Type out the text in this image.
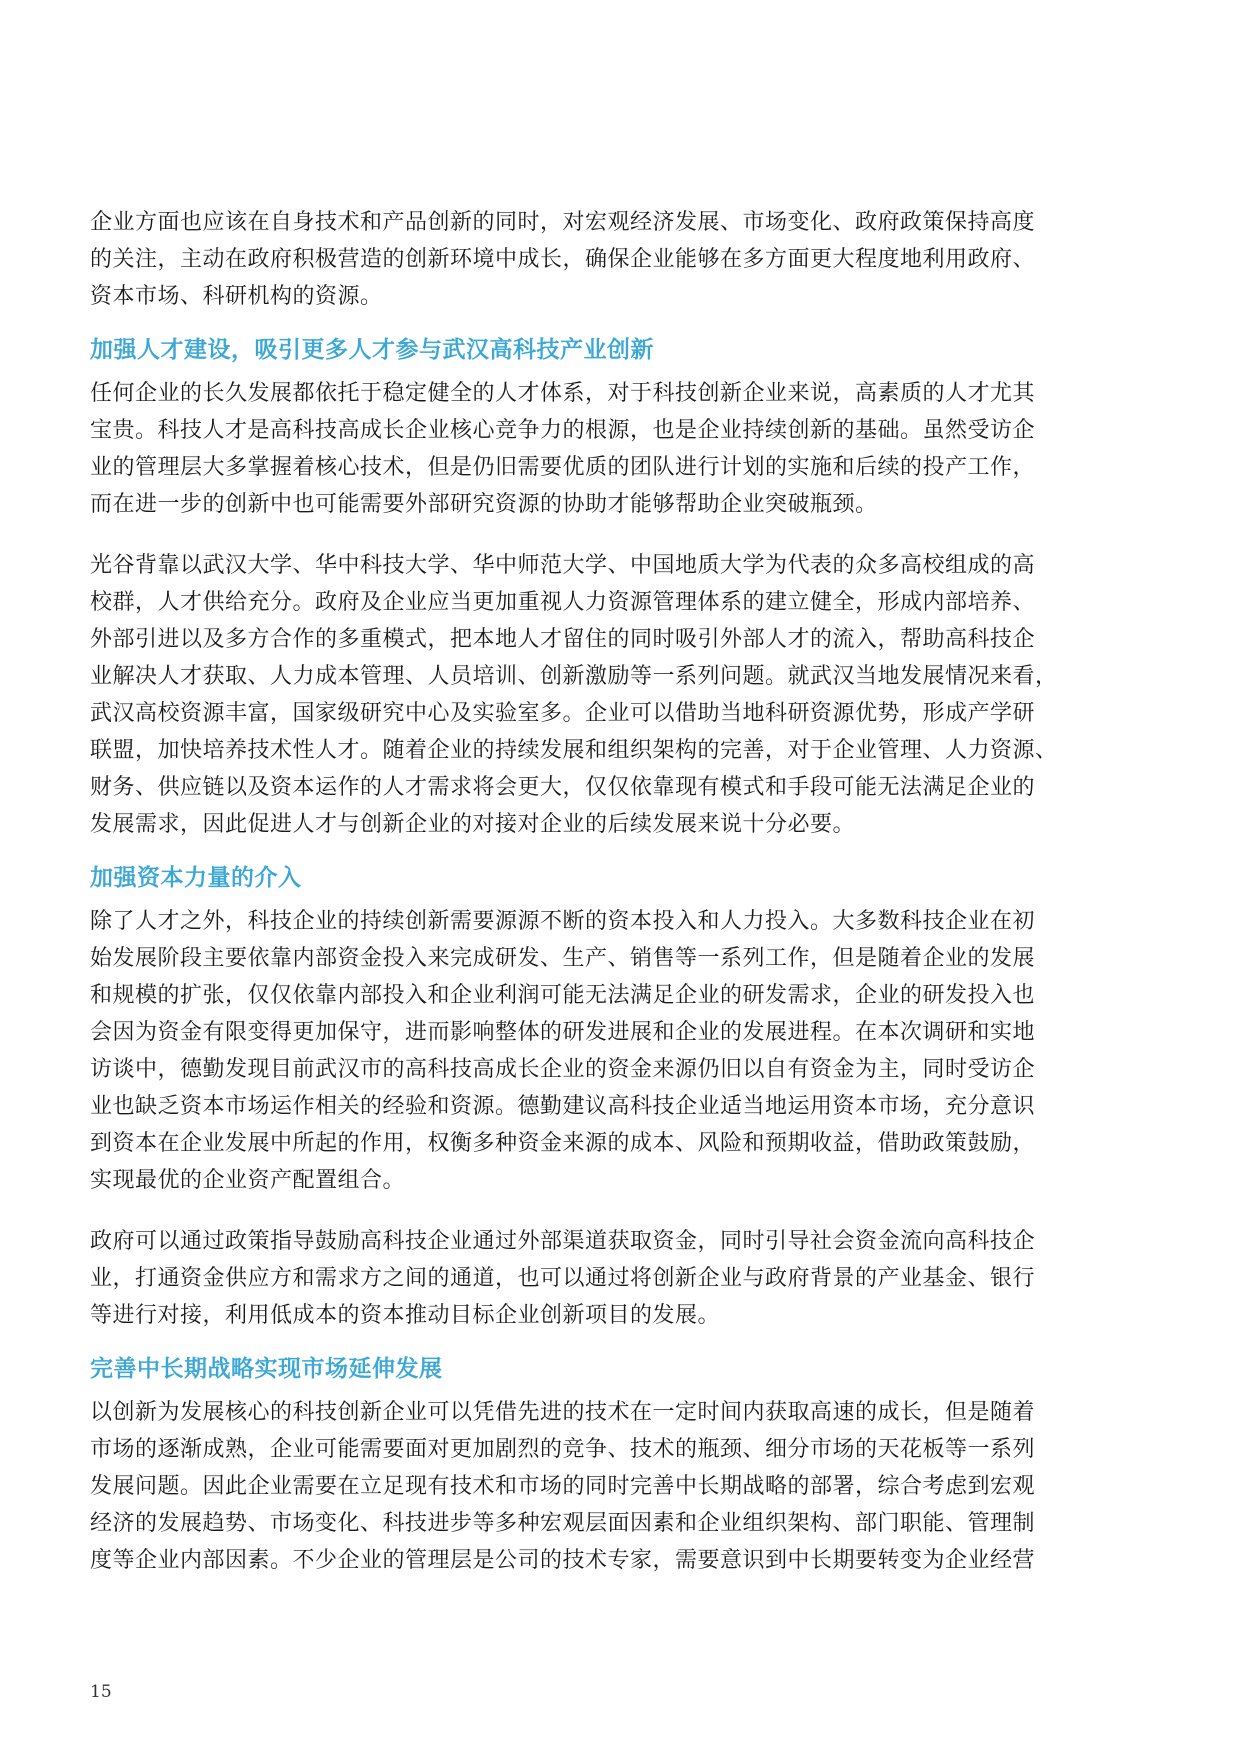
企业方面也应该在自身技术和产品创新的同时，对宏观经济发展、市场变化、政府政策保持高度
的关注，主动在政府积极营造的创新环境中成长，确保企业能够在多方面更大程度地利用政府、
资本市场、科研机构的资源。

加强人才建设，吸引更多人才参与武汉高科技产业创新

任何企业的长久发展都依托于稳定健全的人才体系，对于科技创新企业来说，高素质的人才尤其
宝贵。科技人才是高科技高成长企业核心竞争力的根源，也是企业持续创新的基础。虽然受访企
业的管理层大多掌握着核心技术，但是仍旧需要优质的团队进行计划的实施和后续的投产工作，
而在进一步的创新中也可能需要外部研究资源的协助才能够帮助企业突破瓶颈。

光谷背靠以武汉大学、华中科技大学、华中师范大学、中国地质大学为代表的众多高校组成的高
校群，人才供给充分。政府及企业应当更加重视人力资源管理体系的建立健全，形成内部培养、
外部引进以及多方合作的多重模式，把本地人才留住的同时吸引外部人才的流入，帮助高科技企
业解决人才获取、人力成本管理、人员培训、创新激励等一系列问题。就武汉当地发展情况来看，
武汉高校资源丰富，国家级研究中心及实验室多。企业可以借助当地科研资源优势，形成产学研
联盟，加快培养技术性人才。随着企业的持续发展和组织架构的完善，对于企业管理、人力资源、
财务、供应链以及资本运作的人才需求将会更大，仅仅依靠现有模式和手段可能无法满足企业的
发展需求，因此促进人才与创新企业的对接对企业的后续发展来说十分必要。

加强资本力量的介入

除了人才之外，科技企业的持续创新需要源源不断的资本投入和人力投入。大多数科技企业在初
始发展阶段主要依靠内部资金投入来完成研发、生产、销售等一系列工作，但是随着企业的发展
和规模的扩张，仅仅依靠内部投入和企业利润可能无法满足企业的研发需求，企业的研发投入也
会因为资金有限变得更加保守，进而影响整体的研发进展和企业的发展进程。在本次调研和实地
访谈中，德勤发现目前武汉市的高科技高成长企业的资金来源仍旧以自有资金为主，同时受访企
业也缺乏资本市场运作相关的经验和资源。德勤建议高科技企业适当地运用资本市场，充分意识
到资本在企业发展中所起的作用，权衡多种资金来源的成本、风险和预期收益，借助政策鼓励，
实现最优的企业资产配置组合。

政府可以通过政策指导鼓励高科技企业通过外部渠道获取资金，同时引导社会资金流向高科技企
业，打通资金供应方和需求方之间的通道，也可以通过将创新企业与政府背景的产业基金、银行
等进行对接，利用低成本的资本推动目标企业创新项目的发展。

完善中长期战略实现市场延伸发展

以创新为发展核心的科技创新企业可以凭借先进的技术在一定时间内获取高速的成长，但是随着
市场的逐渐成熟，企业可能需要面对更加剧烈的竞争、技术的瓶颈、细分市场的天花板等一系列
发展问题。因此企业需要在立足现有技术和市场的同时完善中长期战略的部署，综合考虑到宏观
经济的发展趋势、市场变化、科技进步等多种宏观层面因素和企业组织架构、部门职能、管理制
度等企业内部因素。不少企业的管理层是公司的技术专家，需要意识到中长期要转变为企业经营

15
